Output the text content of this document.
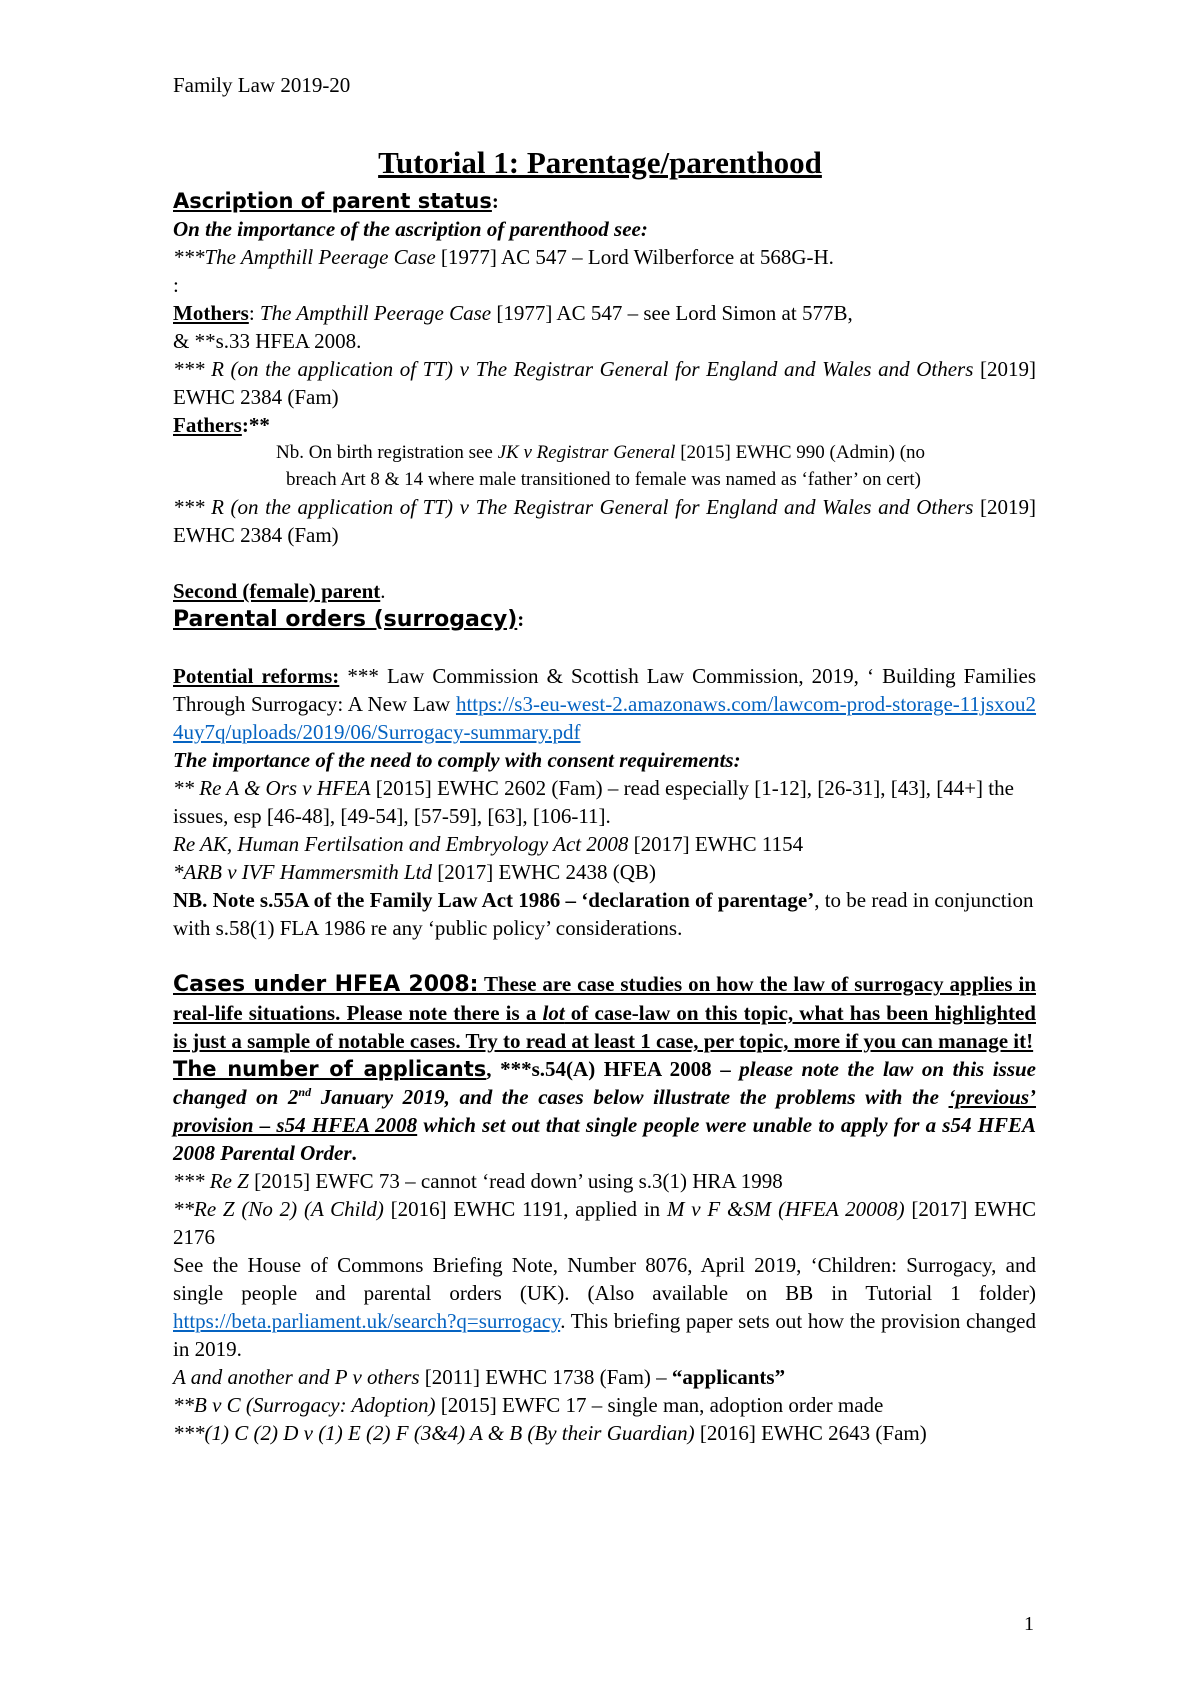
Family Law 2019-20
Tutorial 1: Parentage/parenthood

Ascription of parent status:

On the importance of the ascription of parenthood see:

***The Ampthill Peerage Case [1977] AC 547 – Lord Wilberforce at 568G-H.

:

Mothers: The Ampthill Peerage Case [1977] AC 547 – see Lord Simon at 577B,

& **s.33 HFEA 2008.

*** R (on the application of TT) v The Registrar General for England and Wales and Others [2019] EWHC 2384 (Fam)

Fathers:**

Nb. On birth registration see JK v Registrar General [2015] EWHC 990 (Admin) (no

breach Art 8 & 14 where male transitioned to female was named as ‘father’ on cert)

*** R (on the application of TT) v The Registrar General for England and Wales and Others [2019] EWHC 2384 (Fam)

Second (female) parent.

Parental orders (surrogacy):

Potential reforms: *** Law Commission & Scottish Law Commission, 2019, ‘ Building Families Through Surrogacy: A New Law https://s3-eu-west-2.amazonaws.com/lawcom-prod-storage-11jsxou24uy7q/uploads/2019/06/Surrogacy-summary.pdf

The importance of the need to comply with consent requirements:

** Re A & Ors v HFEA [2015] EWHC 2602 (Fam) – read especially [1-12], [26-31], [43], [44+] the issues, esp [46-48], [49-54], [57-59], [63], [106-11].

Re AK, Human Fertilsation and Embryology Act 2008 [2017] EWHC 1154

*ARB v IVF Hammersmith Ltd [2017] EWHC 2438 (QB)

NB. Note s.55A of the Family Law Act 1986 – ‘declaration of parentage’, to be read in conjunction with s.58(1) FLA 1986 re any ‘public policy’ considerations.

Cases under HFEA 2008: These are case studies on how the law of surrogacy applies in real-life situations. Please note there is a lot of case-law on this topic, what has been highlighted is just a sample of notable cases. Try to read at least 1 case, per topic, more if you can manage it!

The number of applicants, ***s.54(A) HFEA 2008 – please note the law on this issue changed on 2nd January 2019, and the cases below illustrate the problems with the ‘previous’ provision – s54 HFEA 2008 which set out that single people were unable to apply for a s54 HFEA 2008 Parental Order.

*** Re Z [2015] EWFC 73 – cannot ‘read down’ using s.3(1) HRA 1998

**Re Z (No 2) (A Child) [2016] EWHC 1191, applied in M v F &SM (HFEA 20008) [2017] EWHC 2176

See the House of Commons Briefing Note, Number 8076, April 2019, ‘Children: Surrogacy, and single people and parental orders (UK). (Also available on BB in Tutorial 1 folder) https://beta.parliament.uk/search?q=surrogacy. This briefing paper sets out how the provision changed in 2019.

A and another and P v others [2011] EWHC 1738 (Fam) – “applicants”

**B v C (Surrogacy: Adoption) [2015] EWFC 17 – single man, adoption order made

***(1) C (2) D v (1) E (2) F (3&4) A & B (By their Guardian) [2016] EWHC 2643 (Fam)

1
